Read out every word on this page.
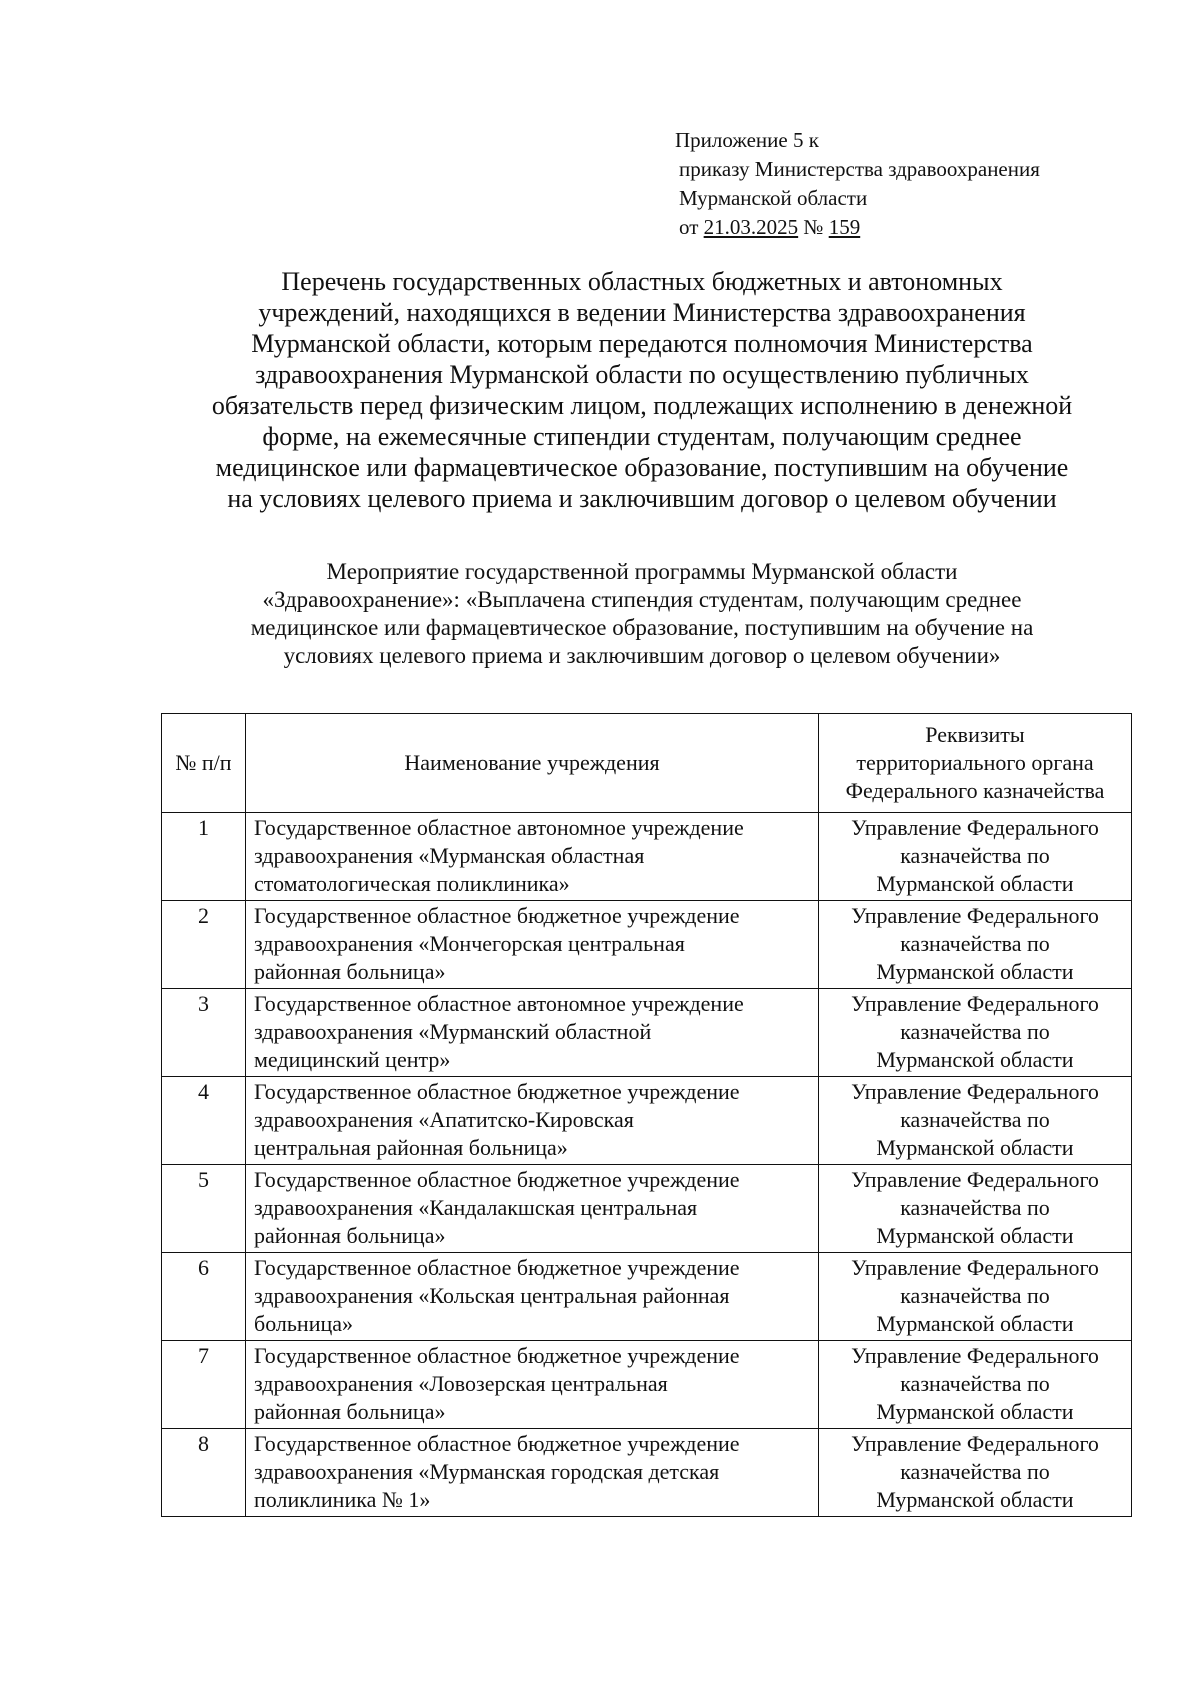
Приложение 5 к
приказу Министерства здравоохранения
Мурманской области
от 21.03.2025 № 159
Перечень государственных областных бюджетных и автономных
учреждений, находящихся в ведении Министерства здравоохранения
Мурманской области, которым передаются полномочия Министерства
здравоохранения Мурманской области по осуществлению публичных
обязательств перед физическим лицом, подлежащих исполнению в денежной
форме, на ежемесячные стипендии студентам, получающим среднее
медицинское или фармацевтическое образование, поступившим на обучение
на условиях целевого приема и заключившим договор о целевом обучении
Мероприятие государственной программы Мурманской области
«Здравоохранение»: «Выплачена стипендия студентам, получающим среднее
медицинское или фармацевтическое образование, поступившим на обучение на
условиях целевого приема и заключившим договор о целевом обучении»
№ п/п	Наименование учреждения	Реквизиты
территориального органа
Федерального казначейства

1	Государственное областное автономное учреждение
здравоохранения «Мурманская областная
стоматологическая поликлиника»	Управление Федерального
казначейства по
Мурманской области

2	Государственное областное бюджетное учреждение
здравоохранения «Мончегорская центральная
районная больница»	Управление Федерального
казначейства по
Мурманской области

3	Государственное областное автономное учреждение
здравоохранения «Мурманский областной
медицинский центр»	Управление Федерального
казначейства по
Мурманской области

4	Государственное областное бюджетное учреждение
здравоохранения «Апатитско-Кировская
центральная районная больница»	Управление Федерального
казначейства по
Мурманской области

5	Государственное областное бюджетное учреждение
здравоохранения «Кандалакшская центральная
районная больница»	Управление Федерального
казначейства по
Мурманской области

6	Государственное областное бюджетное учреждение
здравоохранения «Кольская центральная районная
больница»	Управление Федерального
казначейства по
Мурманской области

7	Государственное областное бюджетное учреждение
здравоохранения «Ловозерская центральная
районная больница»	Управление Федерального
казначейства по
Мурманской области

8	Государственное областное бюджетное учреждение
здравоохранения «Мурманская городская детская
поликлиника № 1»	Управление Федерального
казначейства по
Мурманской области
